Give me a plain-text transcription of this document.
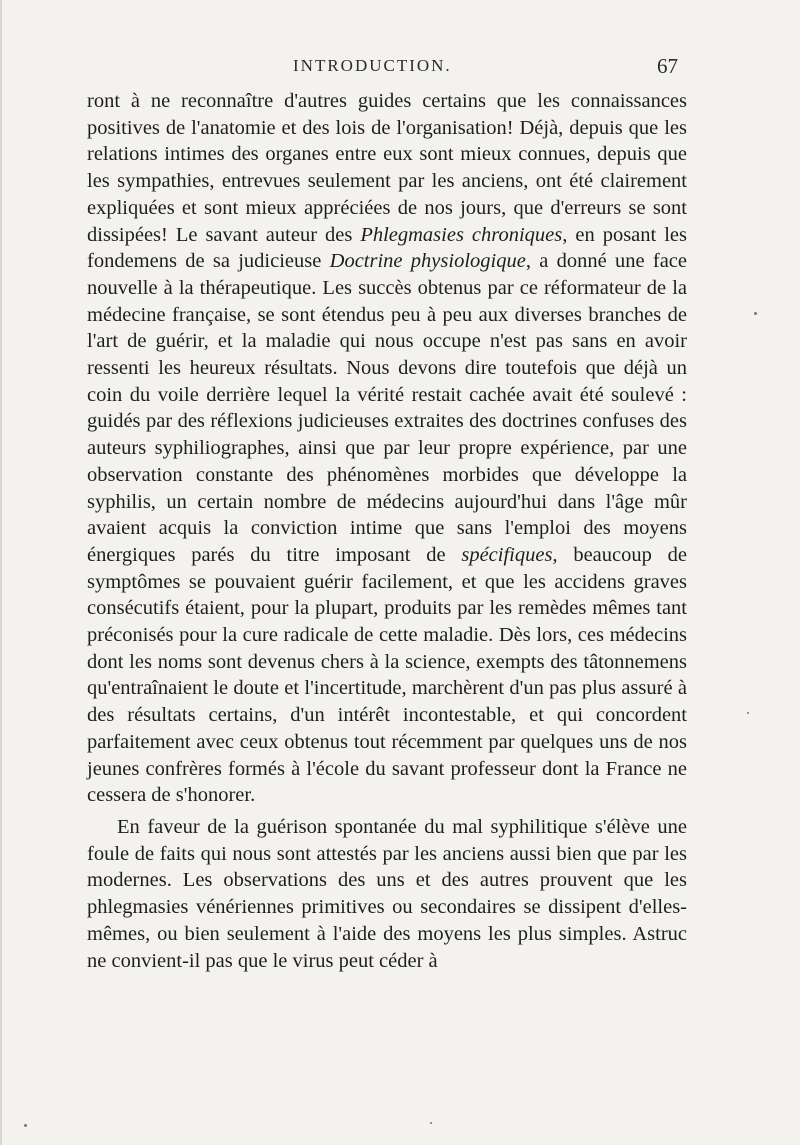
INTRODUCTION.	67

ront à ne reconnaître d'autres guides certains que les connaissances positives de l'anatomie et des lois de l'organisation! Déjà, depuis que les relations intimes des organes entre eux sont mieux connues, depuis que les sympathies, entrevues seulement par les anciens, ont été clairement expliquées et sont mieux appréciées de nos jours, que d'erreurs se sont dissipées! Le savant auteur des Phlegmasies chroniques, en posant les fondemens de sa judicieuse Doctrine physiologique, a donné une face nouvelle à la thérapeutique. Les succès obtenus par ce réformateur de la médecine française, se sont étendus peu à peu aux diverses branches de l'art de guérir, et la maladie qui nous occupe n'est pas sans en avoir ressenti les heureux résultats. Nous devons dire toutefois que déjà un coin du voile derrière lequel la vérité restait cachée avait été soulevé : guidés par des réflexions judicieuses extraites des doctrines confuses des auteurs syphiliographes, ainsi que par leur propre expérience, par une observation constante des phénomènes morbides que développe la syphilis, un certain nombre de médecins aujourd'hui dans l'âge mûr avaient acquis la conviction intime que sans l'emploi des moyens énergiques parés du titre imposant de spécifiques, beaucoup de symptômes se pouvaient guérir facilement, et que les accidens graves consécutifs étaient, pour la plupart, produits par les remèdes mêmes tant préconisés pour la cure radicale de cette maladie. Dès lors, ces médecins dont les noms sont devenus chers à la science, exempts des tâtonnemens qu'entraînaient le doute et l'incertitude, marchèrent d'un pas plus assuré à des résultats certains, d'un intérêt incontestable, et qui concordent parfaitement avec ceux obtenus tout récemment par quelques uns de nos jeunes confrères formés à l'école du savant professeur dont la France ne cessera de s'honorer.

En faveur de la guérison spontanée du mal syphilitique s'élève une foule de faits qui nous sont attestés par les anciens aussi bien que par les modernes. Les observations des uns et des autres prouvent que les phlegmasies vénériennes primitives ou secondaires se dissipent d'elles-mêmes, ou bien seulement à l'aide des moyens les plus simples. Astruc ne convient-il pas que le virus peut céder à
